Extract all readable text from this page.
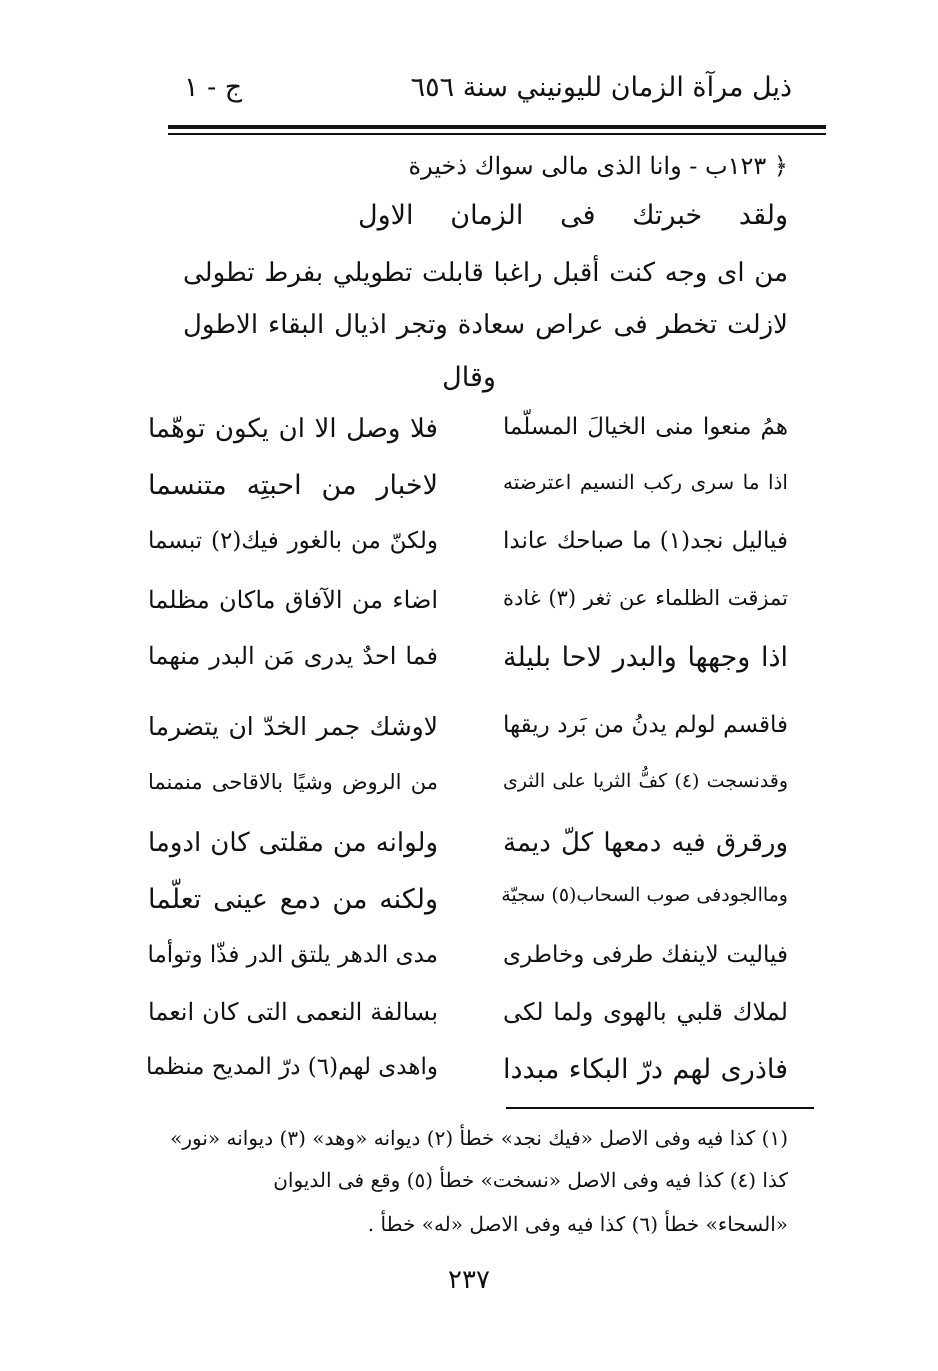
ذيل مرآة الزمان لليونيني سنة ٦٥٦
ج - ١
﴿ ١٢٣ب - وانا الذى مالى سواك ذخيرة
ولقد خبرتك فى الزمان الاول
من اى وجه كنت أقبل راغبا قابلت تطويلي بفرط تطولى
لازلت تخطر فى عراص سعادة وتجر اذيال البقاء الاطول
وقال
همُ منعوا منى الخيالَ المسلّما
فلا وصل الا ان يكون توهّما
اذا ما سرى ركب النسيم اعترضته
لاخبار من احبتِه متنسما
فياليل نجد(١) ما صباحك عاندا
ولكنّ من بالغور فيك(٢) تبسما
تمزقت الظلماء عن ثغر (٣) غادة
اضاء من الآفاق ماكان مظلما
اذا وجهها والبدر لاحا بليلة
فما احدٌ يدرى مَن البدر منهما
فاقسم لولم يدنُ من بَرد ريقها
لاوشك جمر الخدّ ان يتضرما
وقدنسجت (٤) كفُّ الثريا على الثرى
من الروض وشيًا بالاقاحى منمنما
ورقرق فيه دمعها كلّ ديمة
ولوانه من مقلتى كان ادوما
وماالجودفى صوب السحاب(٥) سجيّة
ولكنه من دمع عينى تعلّما
فياليت لاينفك طرفى وخاطرى
مدى الدهر يلتق الدر فذّا وتوأما
لملاك قلبي بالهوى ولما لكى
بسالفة النعمى التى كان انعما
فاذرى لهم درّ البكاء مبددا
واهدى لهم(٦) درّ المديح منظما
(١) كذا فيه وفى الاصل «فيك نجد» خطأ (٢) ديوانه «وهد» (٣) ديوانه «نور»
كذا (٤) كذا فيه وفى الاصل «نسخت» خطأ (٥) وقع فى الديوان
«السحاء» خطأ (٦) كذا فيه وفى الاصل «له» خطأ .
٢٣٧
